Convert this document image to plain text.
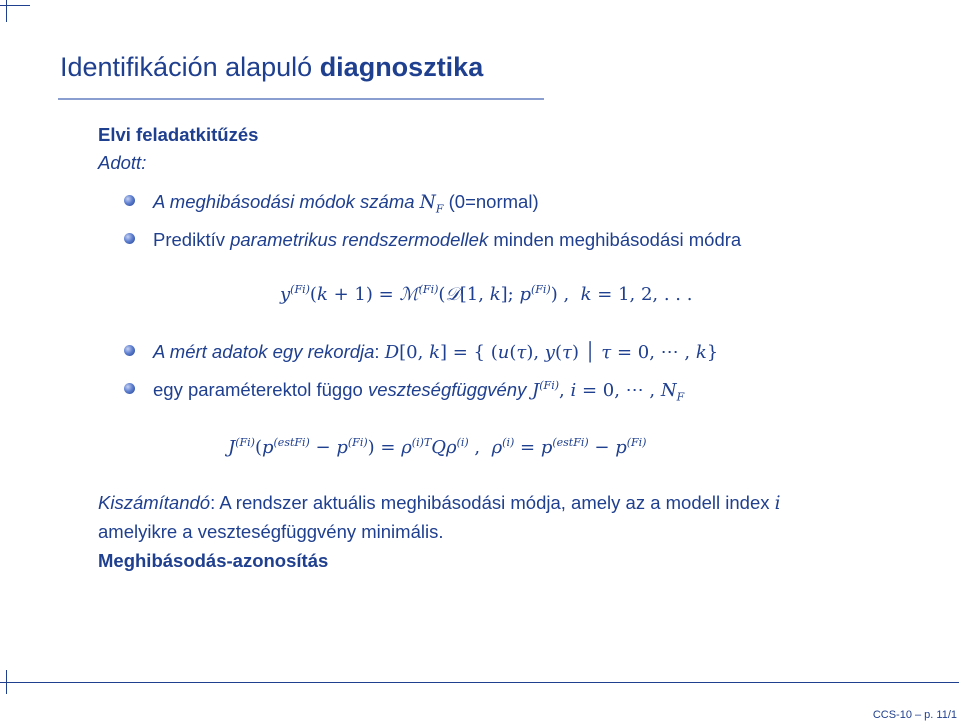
Identifikáción alapuló diagnosztika
Elvi feladatkitűzés
Adott:
A meghibásodási módok száma $N_F$ (0=normal)
Prediktív parametrikus rendszermodellek minden meghibásodási módra
$y^{(Fi)}(k + 1)$ = ℳ$^{(Fi)}$(𝒟[1, k]; $p^{(Fi)}$) ,  k = 1, 2, . . .
A mért adatok egy rekordja: D[0, k] = { (u(τ), y(τ) │ τ = 0, ⋯ , k}
egy paraméterektol függo veszteségfüggvény $J^{(Fi)}$, i = 0, ⋯ , $N_F$
$J^{(Fi)}(p^{(estFi)} - p^{(Fi)}) = \rho^{(i)T}Q\rho^{(i)}$ ,  $\rho^{(i)} = p^{(estFi)} - p^{(Fi)}$
Kiszámítandó: A rendszer aktuális meghibásodási módja, amely az a modell index i
amelyikre a veszteségfüggvény minimális.
Meghibásodás-azonosítás
CCS-10 – p. 11/1
